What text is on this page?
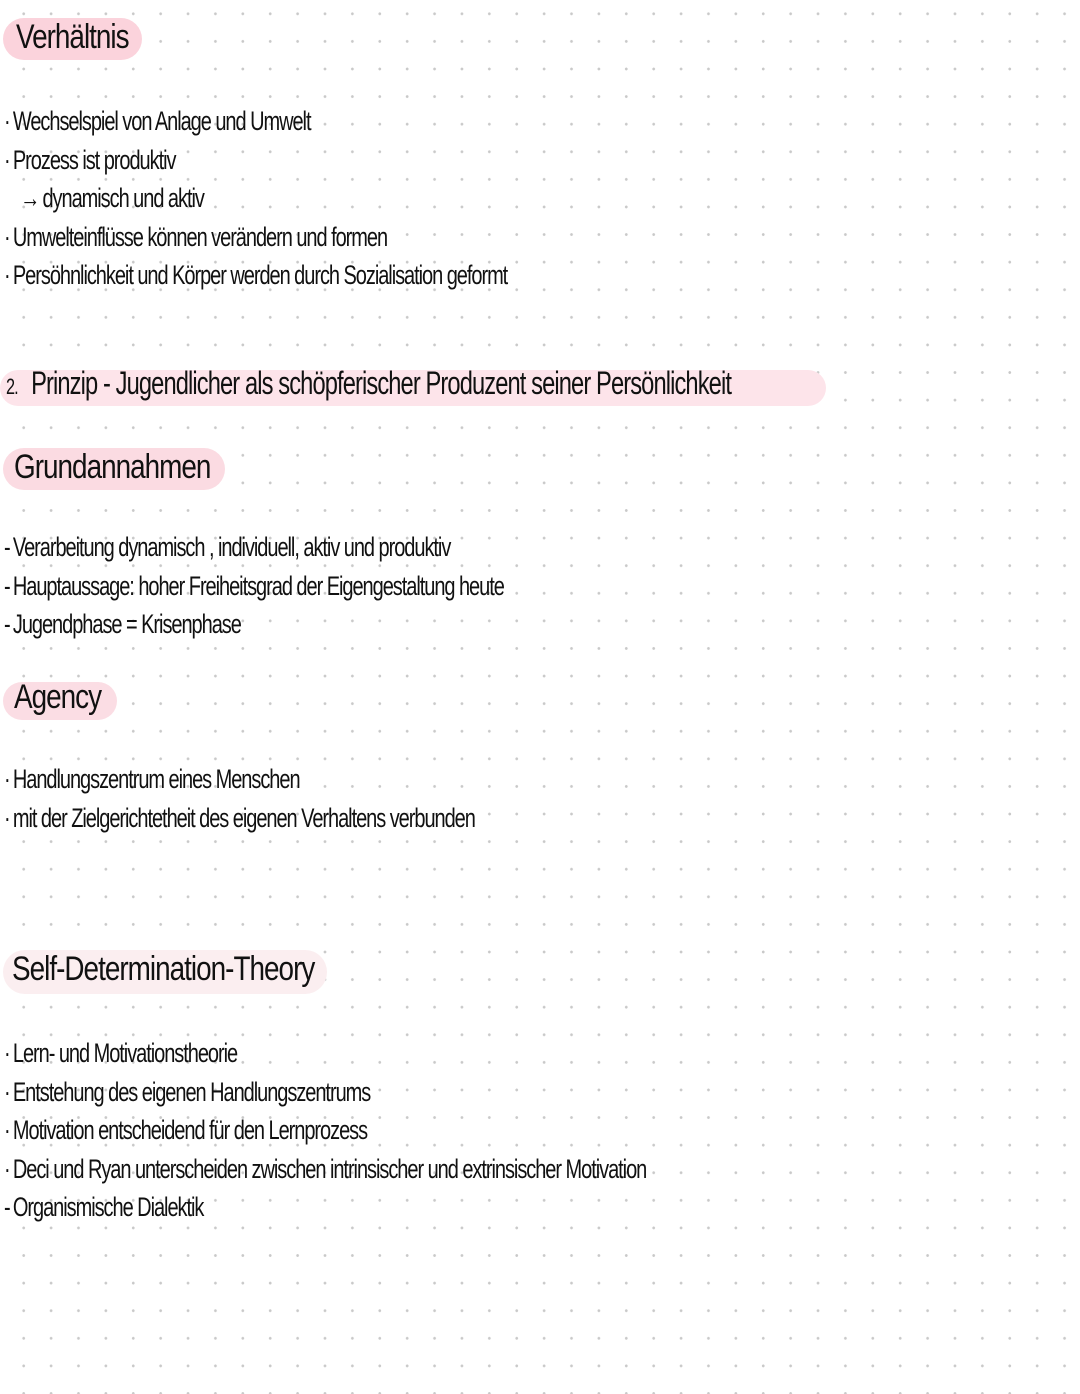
Verhältnis
· Wechselspiel von Anlage und Umwelt
· Prozess ist produktiv
→ dynamisch und aktiv
· Umwelteinflüsse können verändern und formen
· Persöhnlichkeit und Körper werden durch Sozialisation geformt
2. Prinzip - Jugendlicher als schöpferischer Produzent seiner Persönlichkeit
Grundannahmen
- Verarbeitung dynamisch , individuell, aktiv und produktiv
- Hauptaussage: hoher Freiheitsgrad der Eigengestaltung heute
- Jugendphase = Krisenphase
Agency
· Handlungszentrum eines Menschen
· mit der Zielgerichtetheit des eigenen Verhaltens verbunden
Self-Determination-Theory
· Lern- und Motivationstheorie
· Entstehung des eigenen Handlungszentrums
· Motivation entscheidend für den Lernprozess
· Deci und Ryan unterscheiden zwischen intrinsischer und extrinsischer Motivation
- Organismische Dialektik
